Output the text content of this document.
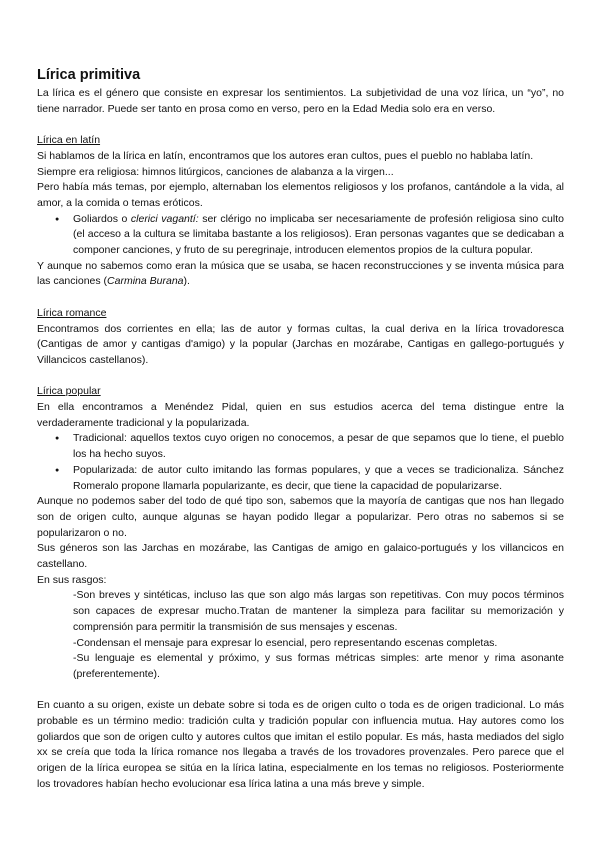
Lírica primitiva

La lírica es el género que consiste en expresar los sentimientos. La subjetividad de una voz lírica, un “yo”, no tiene narrador. Puede ser tanto en prosa como en verso, pero en la Edad Media solo era en verso.

Lírica en latín

Si hablamos de la lírica en latín, encontramos que los autores eran cultos, pues el pueblo no hablaba latín.

Siempre era religiosa: himnos litúrgicos, canciones de alabanza a la virgen...

Pero había más temas, por ejemplo, alternaban los elementos religiosos y los profanos, cantándole a la vida, al amor, a la comida o temas eróticos.

● Goliardos o clerici vagantí: ser clérigo no implicaba ser necesariamente de profesión religiosa sino culto (el acceso a la cultura se limitaba bastante a los religiosos). Eran personas vagantes que se dedicaban a componer canciones, y fruto de su peregrinaje, introducen elementos propios de la cultura popular.

Y aunque no sabemos como eran la música que se usaba, se hacen reconstrucciones y se inventa música para las canciones (Carmina Burana).

Lírica romance

Encontramos dos corrientes en ella; las de autor y formas cultas, la cual deriva en la lírica trovadoresca (Cantigas de amor y cantigas d'amigo) y la popular (Jarchas en mozárabe, Cantigas en gallego-portugués y Villancicos castellanos).

Lírica popular

En ella encontramos a Menéndez Pidal, quien en sus estudios acerca del tema distingue entre la verdaderamente tradicional y la popularizada.

● Tradicional: aquellos textos cuyo origen no conocemos, a pesar de que sepamos que lo tiene, el pueblo los ha hecho suyos.
● Popularizada: de autor culto imitando las formas populares, y que a veces se tradicionaliza. Sánchez Romeralo propone llamarla popularizante, es decir, que tiene la capacidad de popularizarse.

Aunque no podemos saber del todo de qué tipo son, sabemos que la mayoría de cantigas que nos han llegado son de origen culto, aunque algunas se hayan podido llegar a popularizar. Pero otras no sabemos si se popularizaron o no.

Sus géneros son las Jarchas en mozárabe, las Cantigas de amigo en galaico-portugués y los villancicos en castellano.

En sus rasgos:

-Son breves y sintéticas, incluso las que son algo más largas son repetitivas. Con muy pocos términos son capaces de expresar mucho.Tratan de mantener la simpleza para facilitar su memorización y comprensión para permitir la transmisión de sus mensajes y escenas.

-Condensan el mensaje para expresar lo esencial, pero representando escenas completas.

-Su lenguaje es elemental y próximo, y sus formas métricas simples: arte menor y rima asonante (preferentemente).

En cuanto a su origen, existe un debate sobre si toda es de origen culto o toda es de origen tradicional. Lo más probable es un término medio: tradición culta y tradición popular con influencia mutua. Hay autores como los goliardos que son de origen culto y autores cultos que imitan el estilo popular. Es más, hasta mediados del siglo xx se creía que toda la lírica romance nos llegaba a través de los trovadores provenzales. Pero parece que el origen de la lírica europea se sitúa en la lírica latina, especialmente en los temas no religiosos. Posteriormente los trovadores habían hecho evolucionar esa lírica latina a una más breve y simple.
